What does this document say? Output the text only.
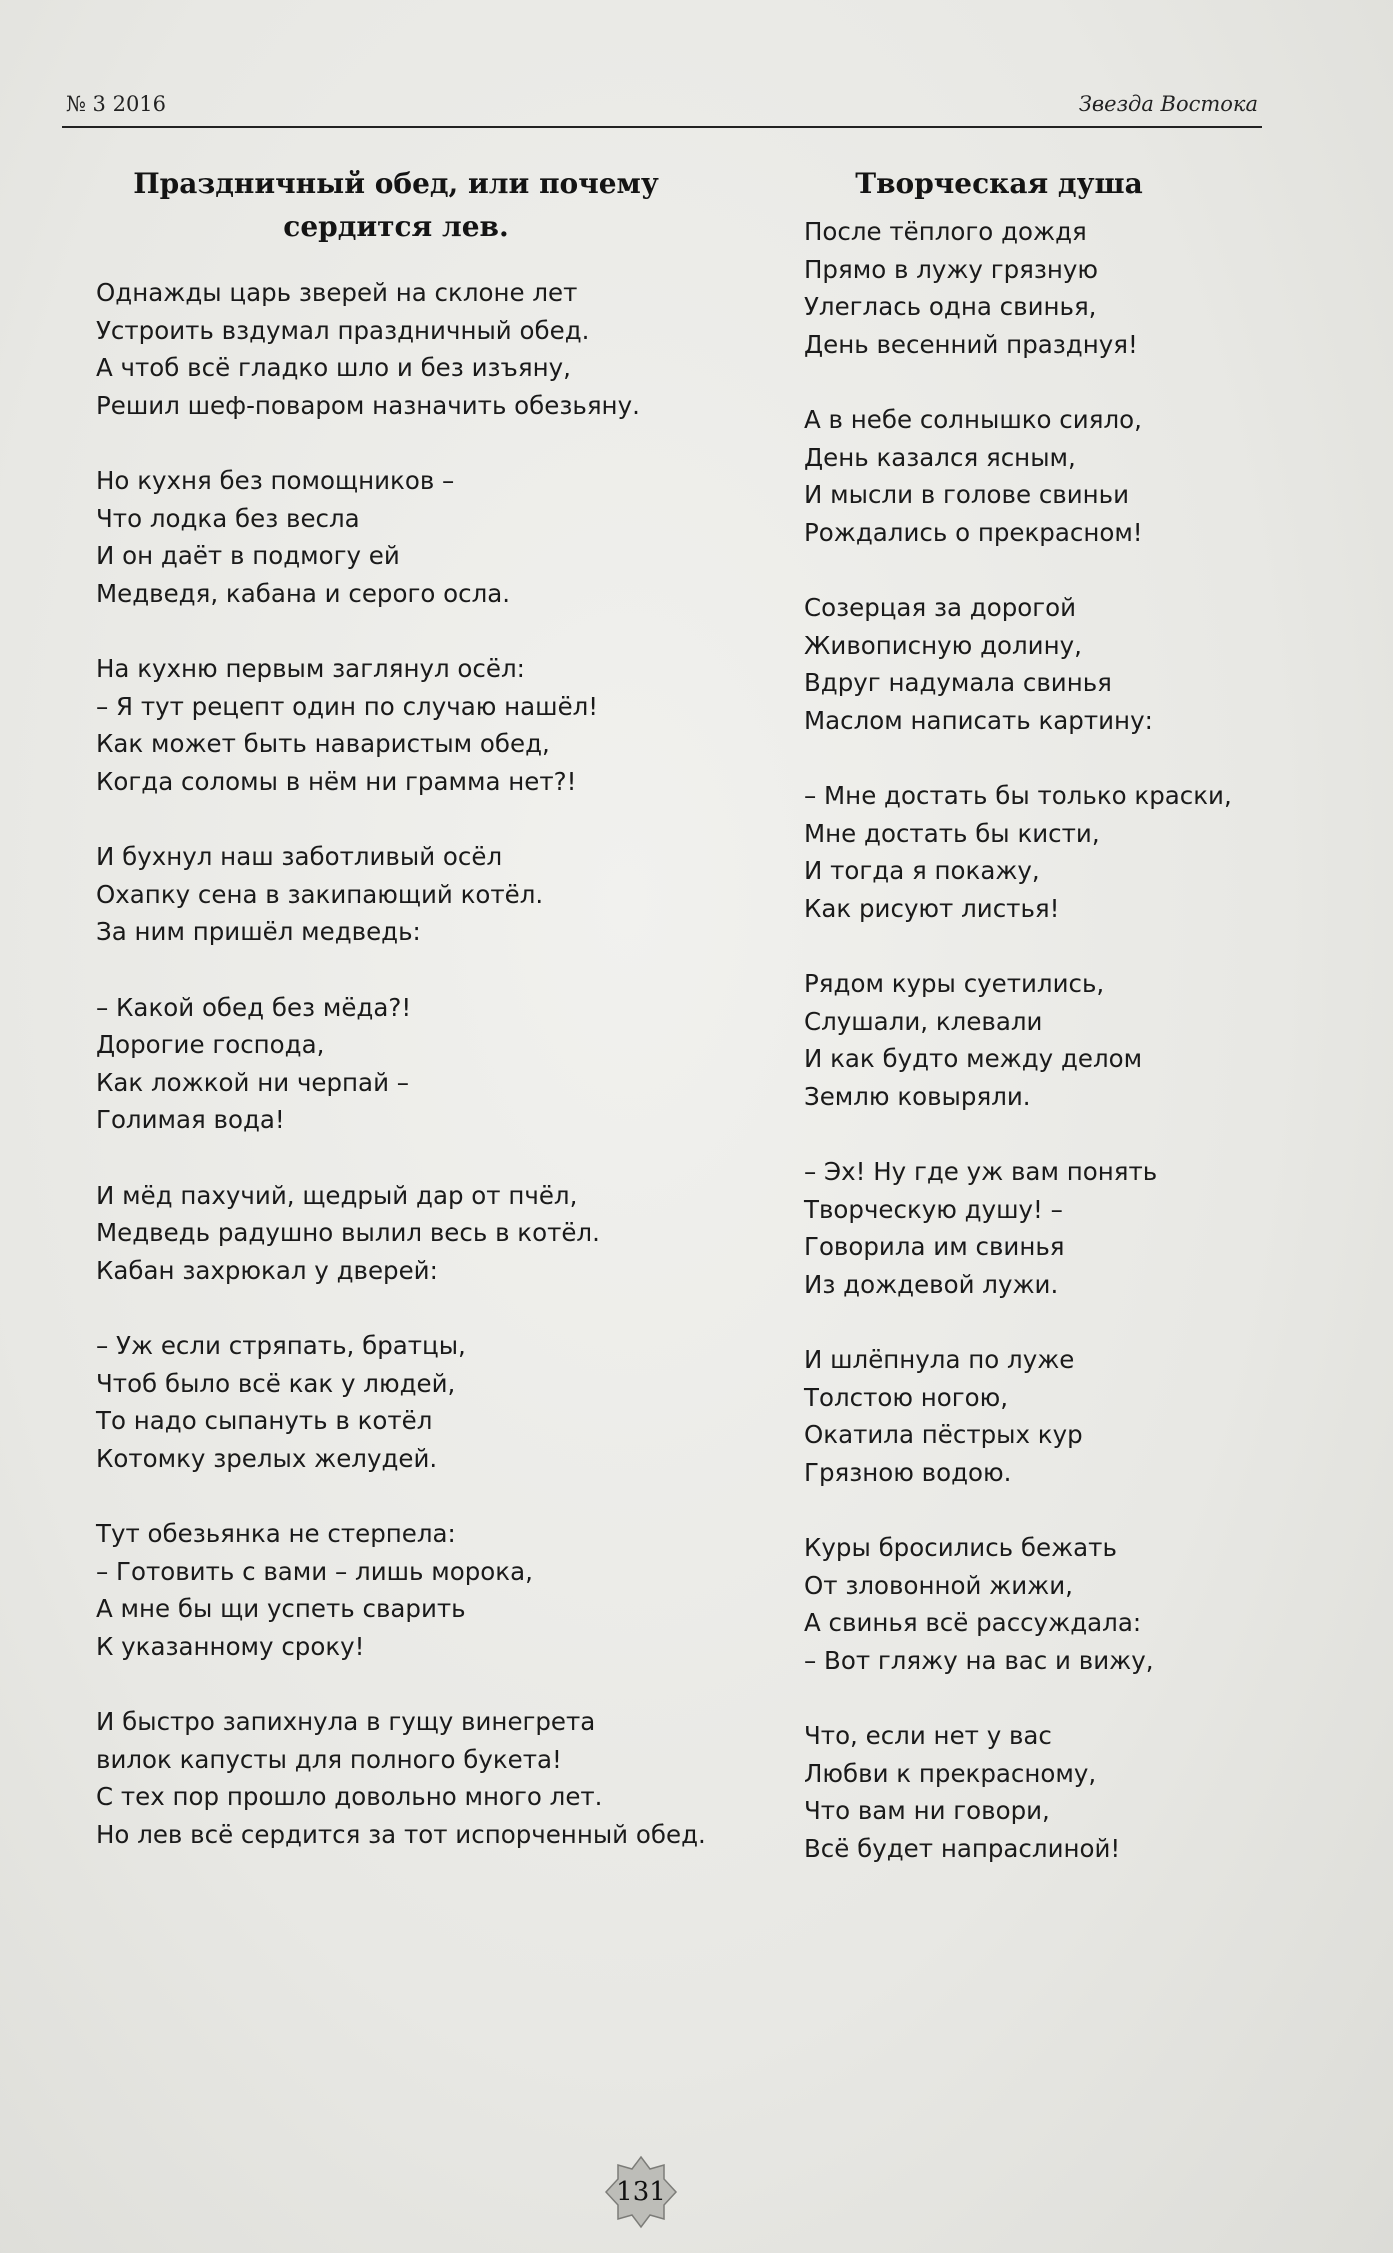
№ 3 2016	Звезда Востока
Праздничный обед, или почему сердится лев.
Однажды царь зверей на склоне лет
Устроить вздумал праздничный обед.
А чтоб всё гладко шло и без изъяну,
Решил шеф-поваром назначить обезьяну.
Но кухня без помощников –
Что лодка без весла
И он даёт в подмогу ей
Медведя, кабана и серого осла.
На кухню первым заглянул осёл:
– Я тут рецепт один по случаю нашёл!
Как может быть наваристым обед,
Когда соломы в нём ни грамма нет?!
И бухнул наш заботливый осёл
Охапку сена в закипающий котёл.
За ним пришёл медведь:
– Какой обед без мёда?!
Дорогие господа,
Как ложкой ни черпай –
Голимая вода!
И мёд пахучий, щедрый дар от пчёл,
Медведь радушно вылил весь в котёл.
Кабан захрюкал у дверей:
– Уж если стряпать, братцы,
Чтоб было всё как у людей,
То надо сыпануть в котёл
Котомку зрелых желудей.
Тут обезьянка не стерпела:
– Готовить с вами – лишь морока,
А мне бы щи успеть сварить
К указанному сроку!
И быстро запихнула в гущу винегрета
вилок капусты для полного букета!
С тех пор прошло довольно много лет.
Но лев всё сердится за тот испорченный обед.
Творческая душа
После тёплого дождя
Прямо в лужу грязную
Улеглась одна свинья,
День весенний празднуя!
А в небе солнышко сияло,
День казался ясным,
И мысли в голове свиньи
Рождались о прекрасном!
Созерцая за дорогой
Живописную долину,
Вдруг надумала свинья
Маслом написать картину:
– Мне достать бы только краски,
Мне достать бы кисти,
И тогда я покажу,
Как рисуют листья!
Рядом куры суетились,
Слушали, клевали
И как будто между делом
Землю ковыряли.
– Эх! Ну где уж вам понять
Творческую душу! –
Говорила им свинья
Из дождевой лужи.
И шлёпнула по луже
Толстою ногою,
Окатила пёстрых кур
Грязною водою.
Куры бросились бежать
От зловонной жижи,
А свинья всё рассуждала:
– Вот гляжу на вас и вижу,
Что, если нет у вас
Любви к прекрасному,
Что вам ни говори,
Всё будет напраслиной!
131
